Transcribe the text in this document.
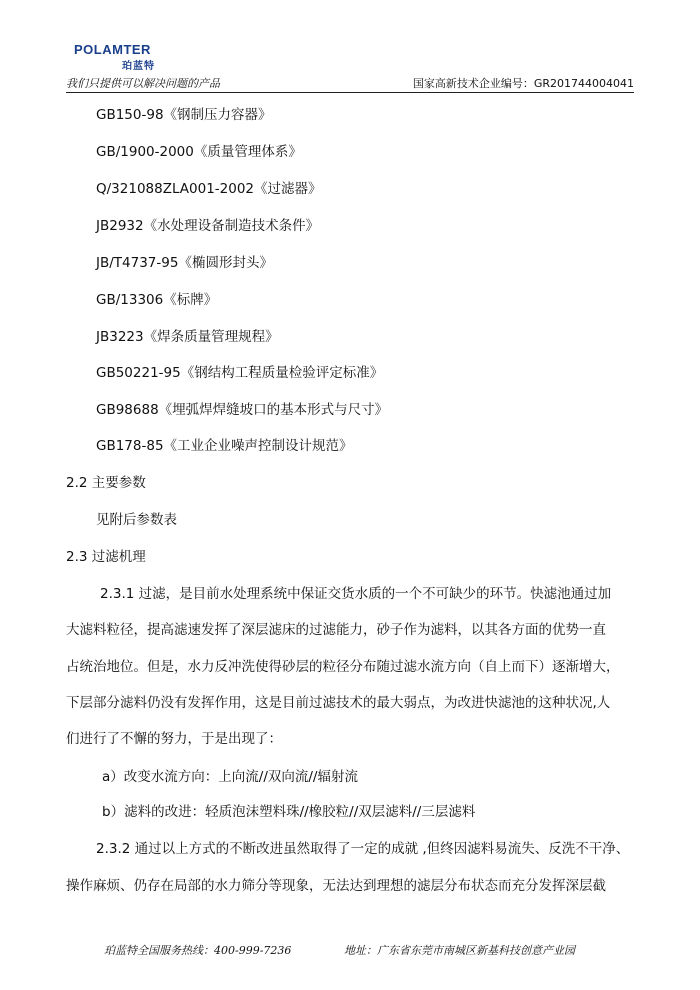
POLAMTER
珀蓝特
我们只提供可以解决问题的产品	国家高新技术企业编号：GR201744004041
GB150-98《钢制压力容器》
GB/1900-2000《质量管理体系》
Q/321088ZLA001-2002《过滤器》
JB2932《水处理设备制造技术条件》
JB/T4737-95《椭圆形封头》
GB/13306《标牌》
JB3223《焊条质量管理规程》
GB50221-95《钢结构工程质量检验评定标准》
GB98688《埋弧焊焊缝坡口的基本形式与尺寸》
GB178-85《工业企业噪声控制设计规范》
2.2 主要参数
见附后参数表
2.3 过滤机理
2.3.1 过滤，是目前水处理系统中保证交货水质的一个不可缺少的环节。快滤池通过加
大滤料粒径，提高滤速发挥了深层滤床的过滤能力，砂子作为滤料，以其各方面的优势一直
占统治地位。但是，水力反冲洗使得砂层的粒径分布随过滤水流方向（自上而下）逐渐增大，
下层部分滤料仍没有发挥作用，这是目前过滤技术的最大弱点，为改进快滤池的这种状况,人
们进行了不懈的努力，于是出现了：
a）改变水流方向：上向流//双向流//辐射流
b）滤料的改进：轻质泡沫塑料珠//橡胶粒//双层滤料//三层滤料
2.3.2 通过以上方式的不断改进虽然取得了一定的成就 ,但终因滤料易流失、反洗不干净、
操作麻烦、仍存在局部的水力筛分等现象，无法达到理想的滤层分布状态而充分发挥深层截
珀蓝特全国服务热线：400-999-7236	地址：广东省东莞市南城区新基科技创意产业园
